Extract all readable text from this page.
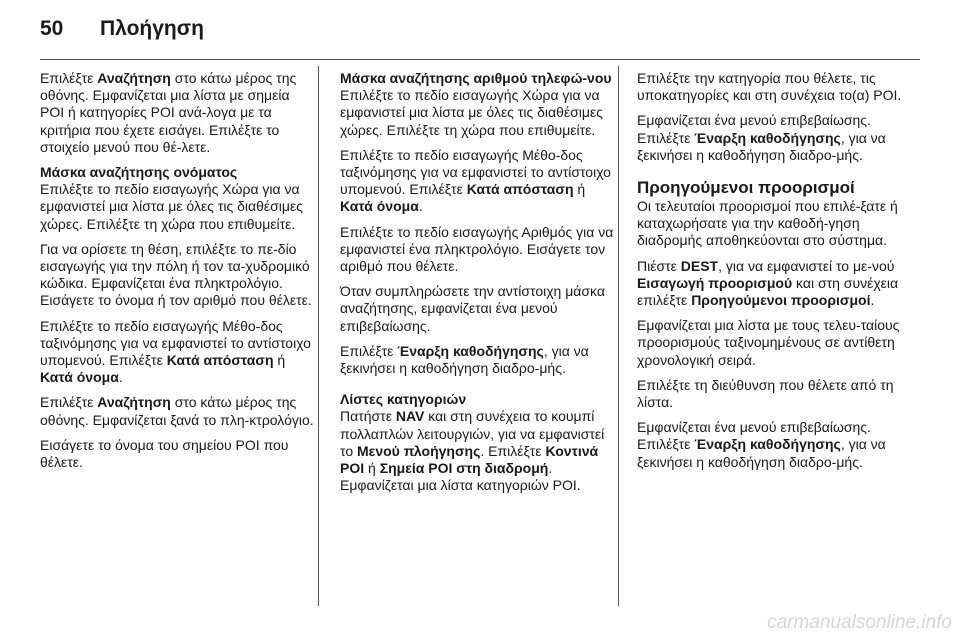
50 Πλοήγηση

Επιλέξτε Αναζήτηση στο κάτω μέρος της οθόνης. Εμφανίζεται μια λίστα με σημεία POI ή κατηγορίες POI ανά-λογα με τα κριτήρια που έχετε εισάγει. Επιλέξτε το στοιχείο μενού που θέ-λετε.

Μάσκα αναζήτησης ονόματος

Επιλέξτε το πεδίο εισαγωγής Χώρα για να εμφανιστεί μια λίστα με όλες τις διαθέσιμες χώρες. Επιλέξτε τη χώρα που επιθυμείτε.

Για να ορίσετε τη θέση, επιλέξτε το πε-δίο εισαγωγής για την πόλη ή τον τα-χυδρομικό κώδικα. Εμφανίζεται ένα πληκτρολόγιο. Εισάγετε το όνομα ή τον αριθμό που θέλετε.

Επιλέξτε το πεδίο εισαγωγής Μέθο-δος ταξινόμησης για να εμφανιστεί το αντίστοιχο υπομενού. Επιλέξτε Κατά απόσταση ή Κατά όνομα.

Επιλέξτε Αναζήτηση στο κάτω μέρος της οθόνης. Εμφανίζεται ξανά το πλη-κτρολόγιο.

Εισάγετε το όνομα του σημείου POI που θέλετε.

Μάσκα αναζήτησης αριθμού τηλεφώ-νου

Επιλέξτε το πεδίο εισαγωγής Χώρα για να εμφανιστεί μια λίστα με όλες τις διαθέσιμες χώρες. Επιλέξτε τη χώρα που επιθυμείτε.

Επιλέξτε το πεδίο εισαγωγής Μέθο-δος ταξινόμησης για να εμφανιστεί το αντίστοιχο υπομενού. Επιλέξτε Κατά απόσταση ή Κατά όνομα.

Επιλέξτε το πεδίο εισαγωγής Αριθμός για να εμφανιστεί ένα πληκτρολόγιο. Εισάγετε τον αριθμό που θέλετε.

Όταν συμπληρώσετε την αντίστοιχη μάσκα αναζήτησης, εμφανίζεται ένα μενού επιβεβαίωσης.

Επιλέξτε Έναρξη καθοδήγησης, για να ξεκινήσει η καθοδήγηση διαδρο-μής.

Λίστες κατηγοριών

Πατήστε NAV και στη συνέχεια το κουμπί πολλαπλών λειτουργιών, για να εμφανιστεί το Μενού πλοήγησης. Επιλέξτε Κοντινά POI ή Σημεία POI στη διαδρομή. Εμφανίζεται μια λίστα κατηγοριών POI.

Επιλέξτε την κατηγορία που θέλετε, τις υποκατηγορίες και στη συνέχεια το(α) POI.

Εμφανίζεται ένα μενού επιβεβαίωσης. Επιλέξτε Έναρξη καθοδήγησης, για να ξεκινήσει η καθοδήγηση διαδρο-μής.

Προηγούμενοι προορισμοί

Οι τελευταίοι προορισμοί που επιλέ-ξατε ή καταχωρήσατε για την καθοδή-γηση διαδρομής αποθηκεύονται στο σύστημα.

Πιέστε DEST, για να εμφανιστεί το με-νού Εισαγωγή προορισμού και στη συνέχεια επιλέξτε Προηγούμενοι προορισμοί.

Εμφανίζεται μια λίστα με τους τελευ-ταίους προορισμούς ταξινομημένους σε αντίθετη χρονολογική σειρά.

Επιλέξτε τη διεύθυνση που θέλετε από τη λίστα.

Εμφανίζεται ένα μενού επιβεβαίωσης. Επιλέξτε Έναρξη καθοδήγησης, για να ξεκινήσει η καθοδήγηση διαδρο-μής.

carmanualsonline.info
